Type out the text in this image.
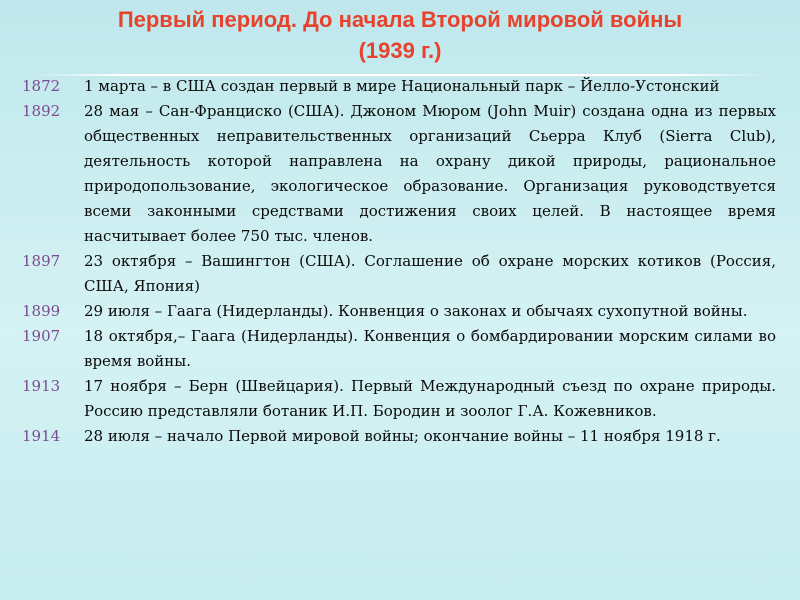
Первый период. До начала Второй мировой войны
(1939 г.)
1872	1 марта – в США создан первый в мире Национальный парк – Йелло-Устонский
1892	28 мая – Сан-Франциско (США). Джоном Мюром (John Muir) создана одна из первых общественных неправительственных организаций Сьерра Клуб (Sierra Club), деятельность которой направлена на охрану дикой природы, рациональное природопользование, экологическое образование. Организация руководствуется всеми законными средствами достижения своих целей. В настоящее время насчитывает более 750 тыс. членов.
1897	23 октября – Вашингтон (США). Соглашение об охране морских котиков (Россия, США, Япония)
1899	29 июля – Гаага (Нидерланды). Конвенция о законах и обычаях сухопутной войны.
1907	18 октября,– Гаага (Нидерланды). Конвенция о бомбардировании морским силами во время войны.
1913	17 ноября – Берн (Швейцария). Первый Международный съезд по охране природы. Россию представляли ботаник И.П. Бородин и зоолог Г.А. Кожевников.
1914	28 июля – начало Первой мировой войны; окончание войны – 11 ноября 1918 г.
